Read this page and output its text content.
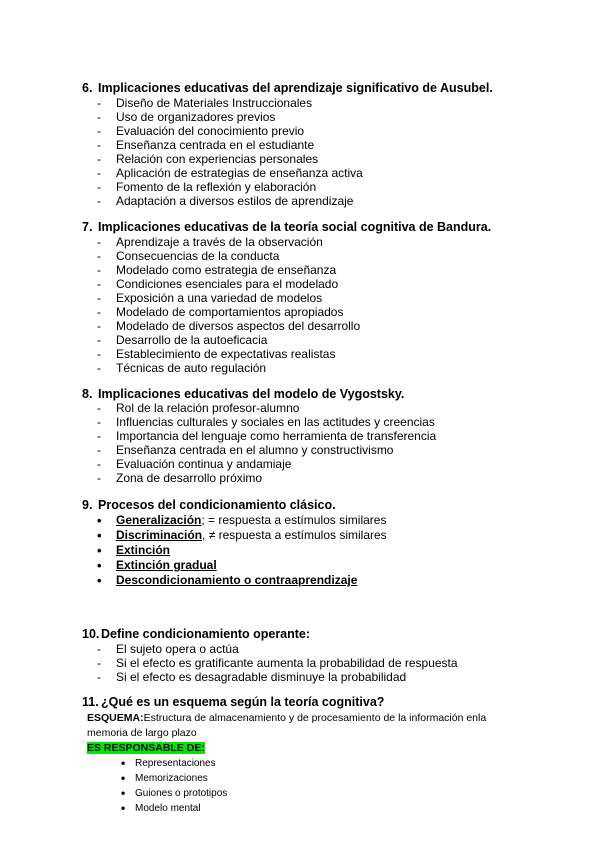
6. Implicaciones educativas del aprendizaje significativo de Ausubel.
- Diseño de Materiales Instruccionales
- Uso de organizadores previos
- Evaluación del conocimiento previo
- Enseñanza centrada en el estudiante
- Relación con experiencias personales
- Aplicación de estrategias de enseñanza activa
- Fomento de la reflexión y elaboración
- Adaptación a diversos estilos de aprendizaje
7. Implicaciones educativas de la teoría social cognitiva de Bandura.
- Aprendizaje a través de la observación
- Consecuencias de la conducta
- Modelado como estrategia de enseñanza
- Condiciones esenciales para el modelado
- Exposición a una variedad de modelos
- Modelado de comportamientos apropiados
- Modelado de diversos aspectos del desarrollo
- Desarrollo de la autoeficacia
- Establecimiento de expectativas realistas
- Técnicas de auto regulación
8. Implicaciones educativas del modelo de Vygostsky.
- Rol de la relación profesor-alumno
- Influencias culturales y sociales en las actitudes y creencias
- Importancia del lenguaje como herramienta de transferencia
- Enseñanza centrada en el alumno y constructivismo
- Evaluación continua y andamiaje
- Zona de desarrollo próximo
9. Procesos del condicionamiento clásico.
• Generalización; = respuesta a estímulos similares
• Discriminación, ≠ respuesta a estímulos similares
• Extinción
• Extinción gradual
• Descondicionamiento o contraaprendizaje
10. Define condicionamiento operante:
- El sujeto opera o actúa
- Si el efecto es gratificante aumenta la probabilidad de respuesta
- Si el efecto es desagradable disminuye la probabilidad
11. ¿Qué es un esquema según la teoría cognitiva?
ESQUEMA:Estructura de almacenamiento y de procesamiento de la información enla
memoria de largo plazo
ES RESPONSABLE DE:
• Representaciones
• Memorizaciones
• Guiones o prototipos
• Modelo mental
